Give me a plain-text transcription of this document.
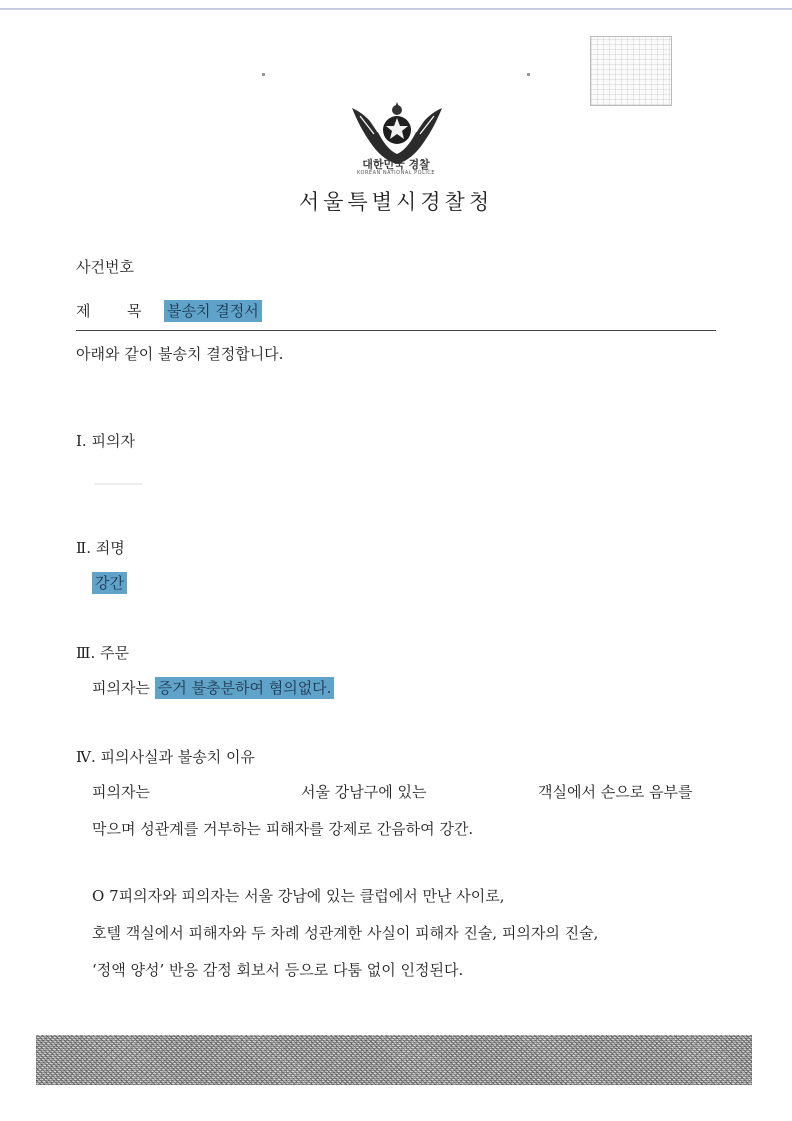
대한민국 경찰
KOREAN NATIONAL POLICE
서울특별시경찰청
사건번호
제 목 불송치 결정서
아래와 같이 불송치 결정합니다.
Ⅰ. 피의자
Ⅱ. 죄명
강간
Ⅲ. 주문
피의자는 증거 불충분하여 혐의없다.
Ⅳ. 피의사실과 불송치 이유
피의자는	서울 강남구에 있는	객실에서 손으로 음부를
막으며 성관계를 거부하는 피해자를 강제로 간음하여 강간.
O 7피의자와 피의자는 서울 강남에 있는 클럽에서 만난 사이로,
호텔 객실에서 피해자와 두 차례 성관계한 사실이 피해자 진술, 피의자의 진술,
‘정액 양성’ 반응 감정 회보서 등으로 다툼 없이 인정된다.
